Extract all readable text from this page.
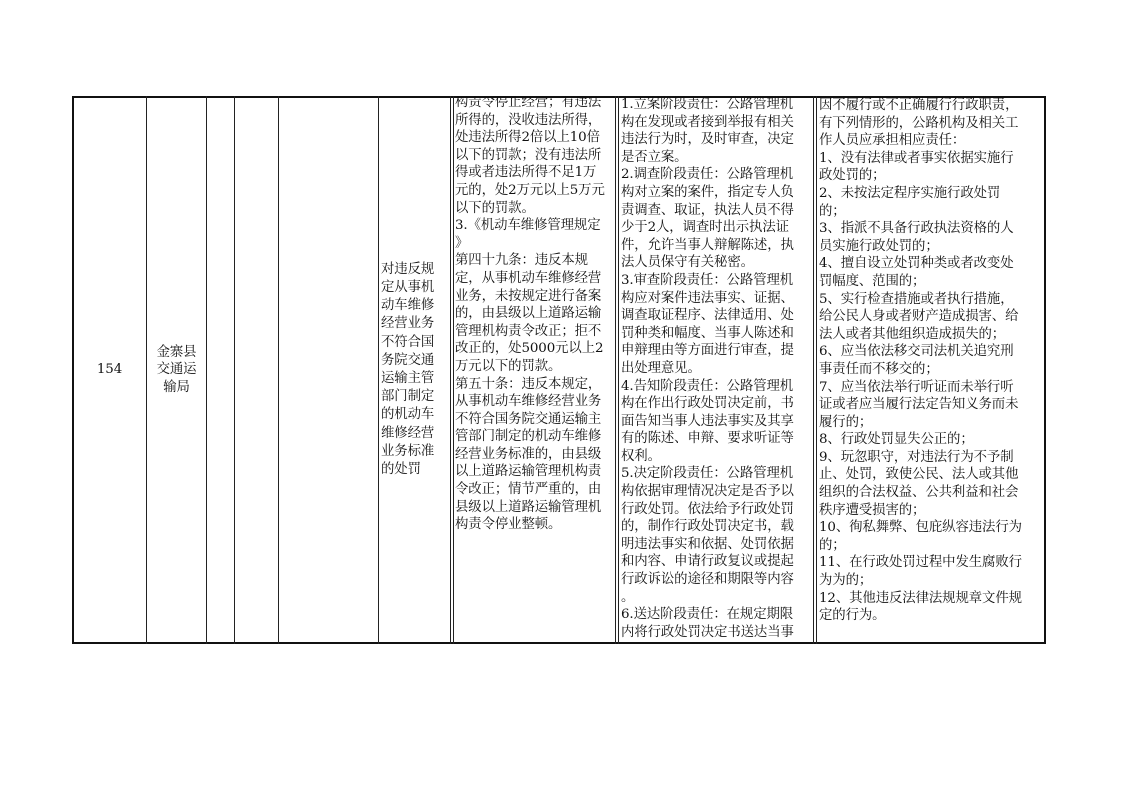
154
金寨县
交通运
输局
对违反规
定从事机
动车维修
经营业务
不符合国
务院交通
运输主管
部门制定
的机动车
维修经营
业务标准
的处罚
构责令停止经营；有违法
所得的，没收违法所得，
处违法所得2倍以上10倍
以下的罚款；没有违法所
得或者违法所得不足1万
元的，处2万元以上5万元
以下的罚款。
3.《机动车维修管理规定
》
第四十九条：违反本规
定，从事机动车维修经营
业务，未按规定进行备案
的，由县级以上道路运输
管理机构责令改正；拒不
改正的，处5000元以上2
万元以下的罚款。
第五十条：违反本规定，
从事机动车维修经营业务
不符合国务院交通运输主
管部门制定的机动车维修
经营业务标准的，由县级
以上道路运输管理机构责
令改正；情节严重的，由
县级以上道路运输管理机
构责令停业整顿。
1.立案阶段责任：公路管理机
构在发现或者接到举报有相关
违法行为时，及时审查，决定
是否立案。
2.调查阶段责任：公路管理机
构对立案的案件，指定专人负
责调查、取证，执法人员不得
少于2人，调查时出示执法证
件，允许当事人辩解陈述，执
法人员保守有关秘密。
3.审查阶段责任：公路管理机
构应对案件违法事实、证据、
调查取证程序、法律适用、处
罚种类和幅度、当事人陈述和
申辩理由等方面进行审查，提
出处理意见。
4.告知阶段责任：公路管理机
构在作出行政处罚决定前，书
面告知当事人违法事实及其享
有的陈述、申辩、要求听证等
权利。
5.决定阶段责任：公路管理机
构依据审理情况决定是否予以
行政处罚。依法给予行政处罚
的，制作行政处罚决定书，载
明违法事实和依据、处罚依据
和内容、申请行政复议或提起
行政诉讼的途径和期限等内容
。
6.送达阶段责任：在规定期限
内将行政处罚决定书送达当事
因不履行或不正确履行行政职责，
有下列情形的，公路机构及相关工
作人员应承担相应责任：
1、没有法律或者事实依据实施行
政处罚的；
2、未按法定程序实施行政处罚
的；
3、指派不具备行政执法资格的人
员实施行政处罚的；
4、擅自设立处罚种类或者改变处
罚幅度、范围的；
5、实行检查措施或者执行措施，
给公民人身或者财产造成损害、给
法人或者其他组织造成损失的；
6、应当依法移交司法机关追究刑
事责任而不移交的；
7、应当依法举行听证而未举行听
证或者应当履行法定告知义务而未
履行的；
8、行政处罚显失公正的；
9、玩忽职守，对违法行为不予制
止、处罚，致使公民、法人或其他
组织的合法权益、公共利益和社会
秩序遭受损害的；
10、徇私舞弊、包庇纵容违法行为
的；
11、在行政处罚过程中发生腐败行
为为的；
12、其他违反法律法规规章文件规
定的行为。
